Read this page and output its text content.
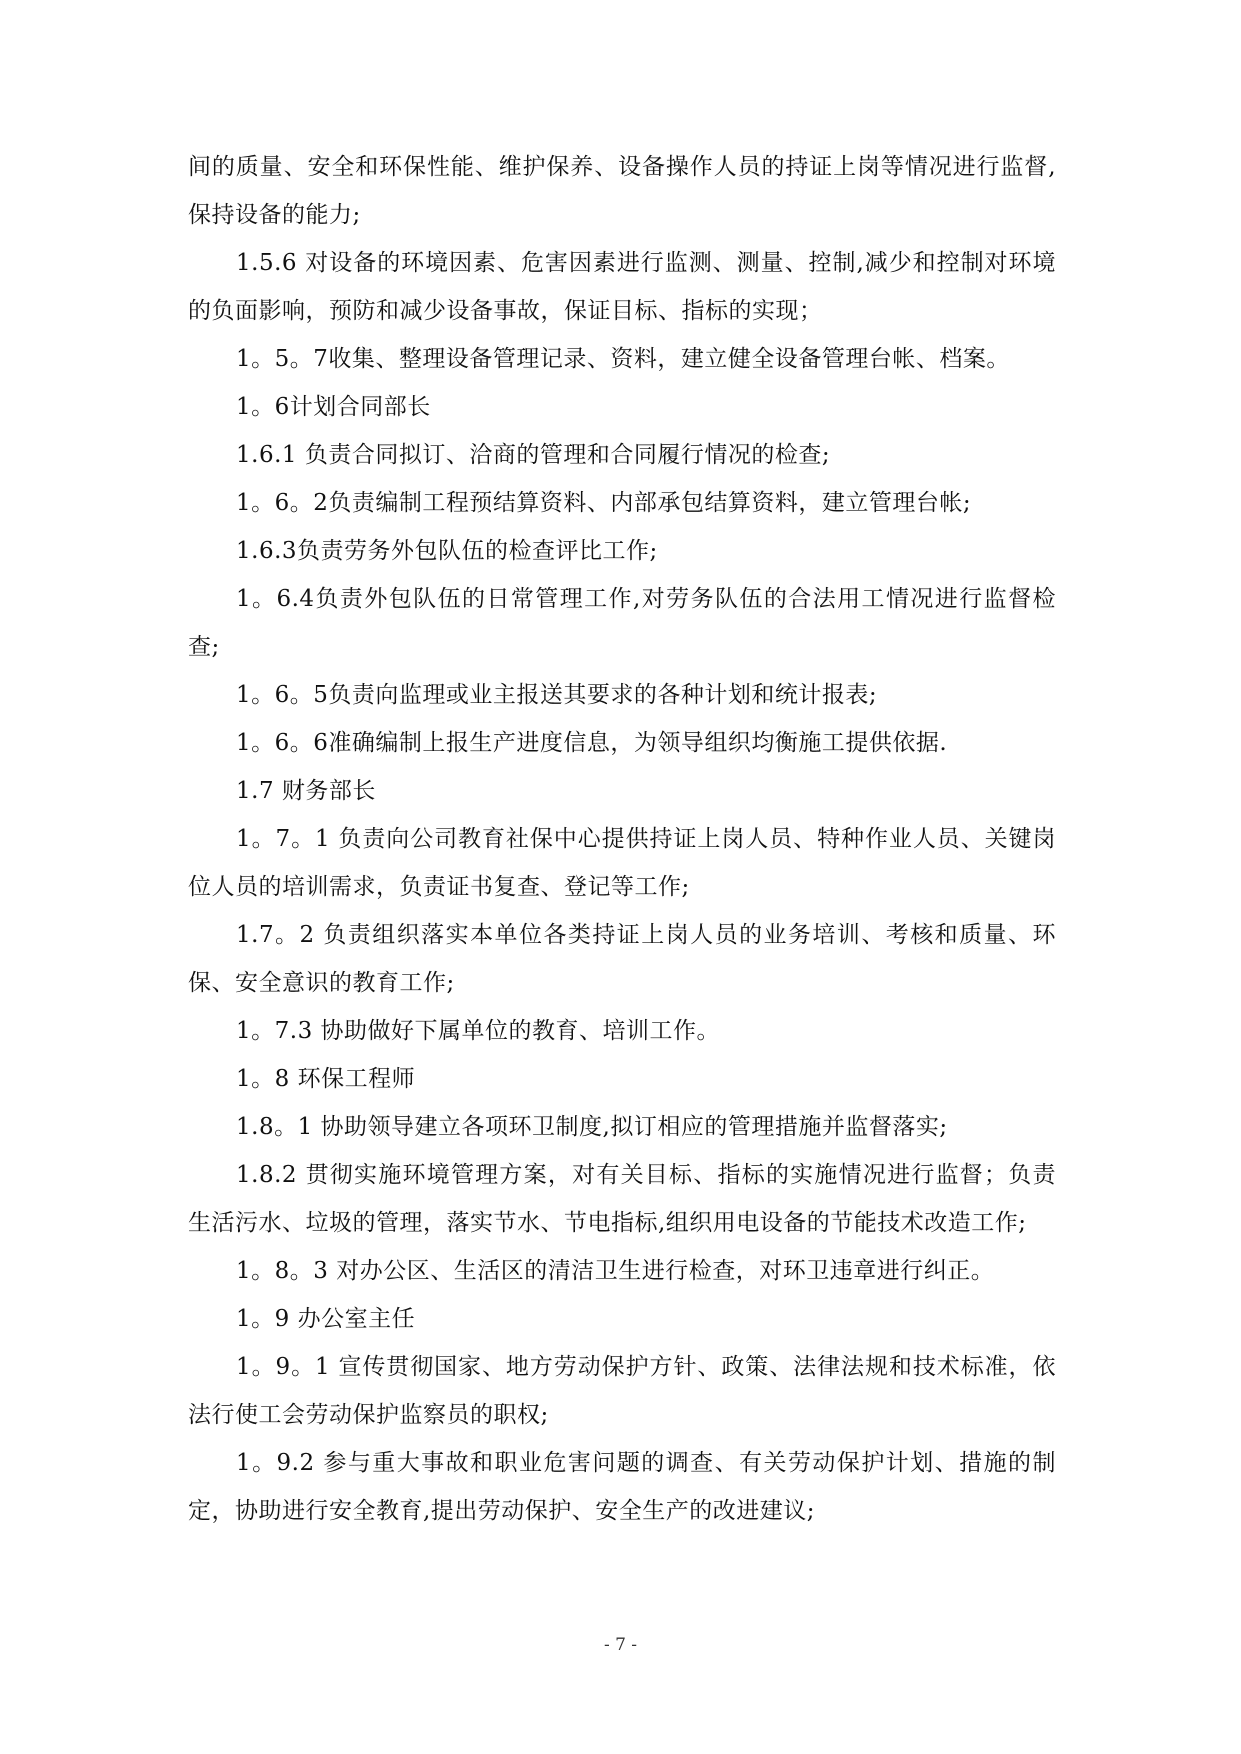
间的质量、安全和环保性能、维护保养、设备操作人员的持证上岗等情况进行监督,保持设备的能力;

1.5.6 对设备的环境因素、危害因素进行监测、测量、控制,减少和控制对环境的负面影响，预防和减少设备事故，保证目标、指标的实现；

1。5。7收集、整理设备管理记录、资料，建立健全设备管理台帐、档案。

1。6计划合同部长

1.6.1 负责合同拟订、洽商的管理和合同履行情况的检查;

1。6。2负责编制工程预结算资料、内部承包结算资料，建立管理台帐;

1.6.3负责劳务外包队伍的检查评比工作;

1。6.4负责外包队伍的日常管理工作,对劳务队伍的合法用工情况进行监督检查;

1。6。5负责向监理或业主报送其要求的各种计划和统计报表;

1。6。6准确编制上报生产进度信息，为领导组织均衡施工提供依据.

1.7 财务部长

1。7。1 负责向公司教育社保中心提供持证上岗人员、特种作业人员、关键岗位人员的培训需求，负责证书复查、登记等工作;

1.7。2 负责组织落实本单位各类持证上岗人员的业务培训、考核和质量、环保、安全意识的教育工作;

1。7.3 协助做好下属单位的教育、培训工作。

1。8 环保工程师

1.8。1 协助领导建立各项环卫制度,拟订相应的管理措施并监督落实;

1.8.2 贯彻实施环境管理方案，对有关目标、指标的实施情况进行监督；负责生活污水、垃圾的管理，落实节水、节电指标,组织用电设备的节能技术改造工作;

1。8。3 对办公区、生活区的清洁卫生进行检查，对环卫违章进行纠正。

1。9 办公室主任

1。9。1 宣传贯彻国家、地方劳动保护方针、政策、法律法规和技术标准，依法行使工会劳动保护监察员的职权;

1。9.2 参与重大事故和职业危害问题的调查、有关劳动保护计划、措施的制定，协助进行安全教育,提出劳动保护、安全生产的改进建议;

- 7 -
